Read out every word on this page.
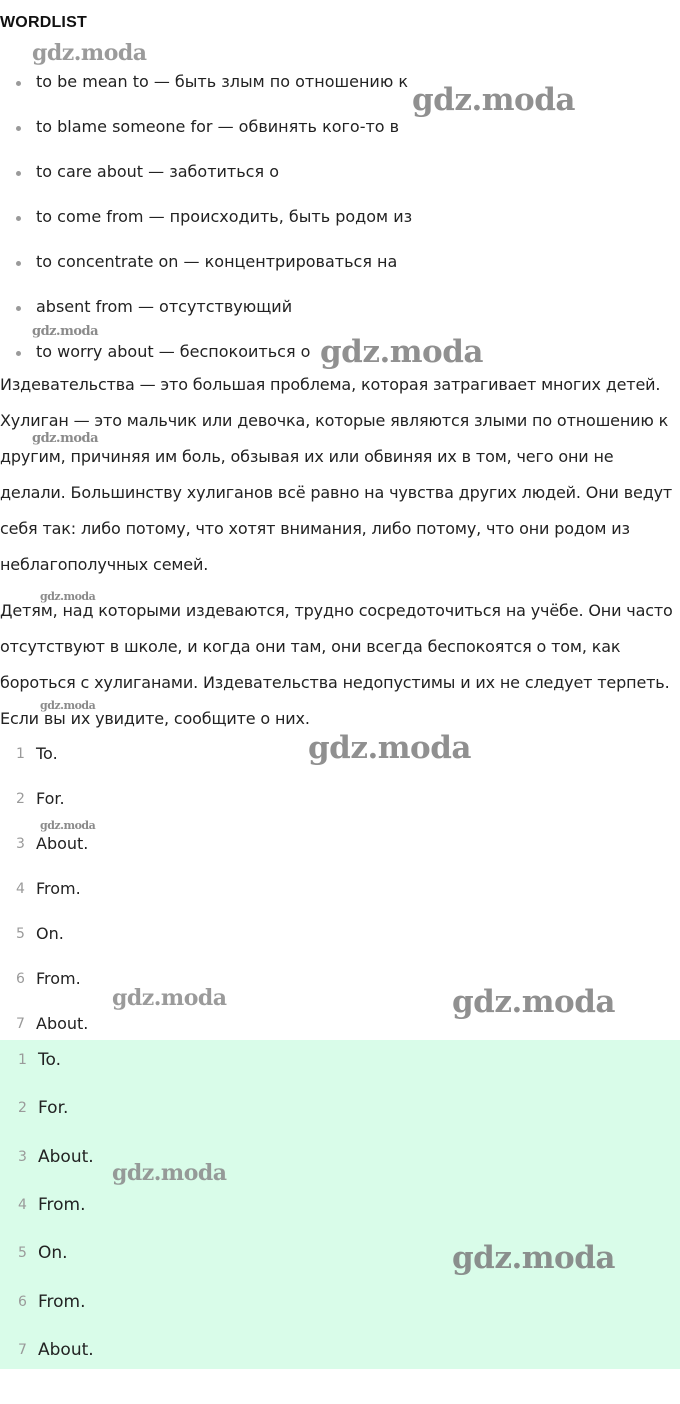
WORDLIST
to be mean to — быть злым по отношению к
to blame someone for — обвинять кого-то в
to care about — заботиться о
to come from — происходить, быть родом из
to concentrate on — концентрироваться на
absent from — отсутствующий
to worry about — беспокоиться о
Издевательства — это большая проблема, которая затрагивает многих детей.
Хулиган — это мальчик или девочка, которые являются злыми по отношению к
другим, причиняя им боль, обзывая их или обвиняя их в том, чего они не
делали. Большинству хулиганов всё равно на чувства других людей. Они ведут
себя так: либо потому, что хотят внимания, либо потому, что они родом из
неблагополучных семей.
Детям, над которыми издеваются, трудно сосредоточиться на учёбе. Они часто
отсутствуют в школе, и когда они там, они всегда беспокоятся о том, как
бороться с хулиганами. Издевательства недопустимы и их не следует терпеть.
Если вы их увидите, сообщите о них.
1 To.
2 For.
3 About.
4 From.
5 On.
6 From.
7 About.
1 To.
2 For.
3 About.
4 From.
5 On.
6 From.
7 About.
gdz.moda
gdz.moda
gdz.moda
gdz.moda
gdz.moda
gdz.moda
gdz.moda
gdz.moda
gdz.moda
gdz.moda	gdz.moda
gdz.moda
gdz.moda
